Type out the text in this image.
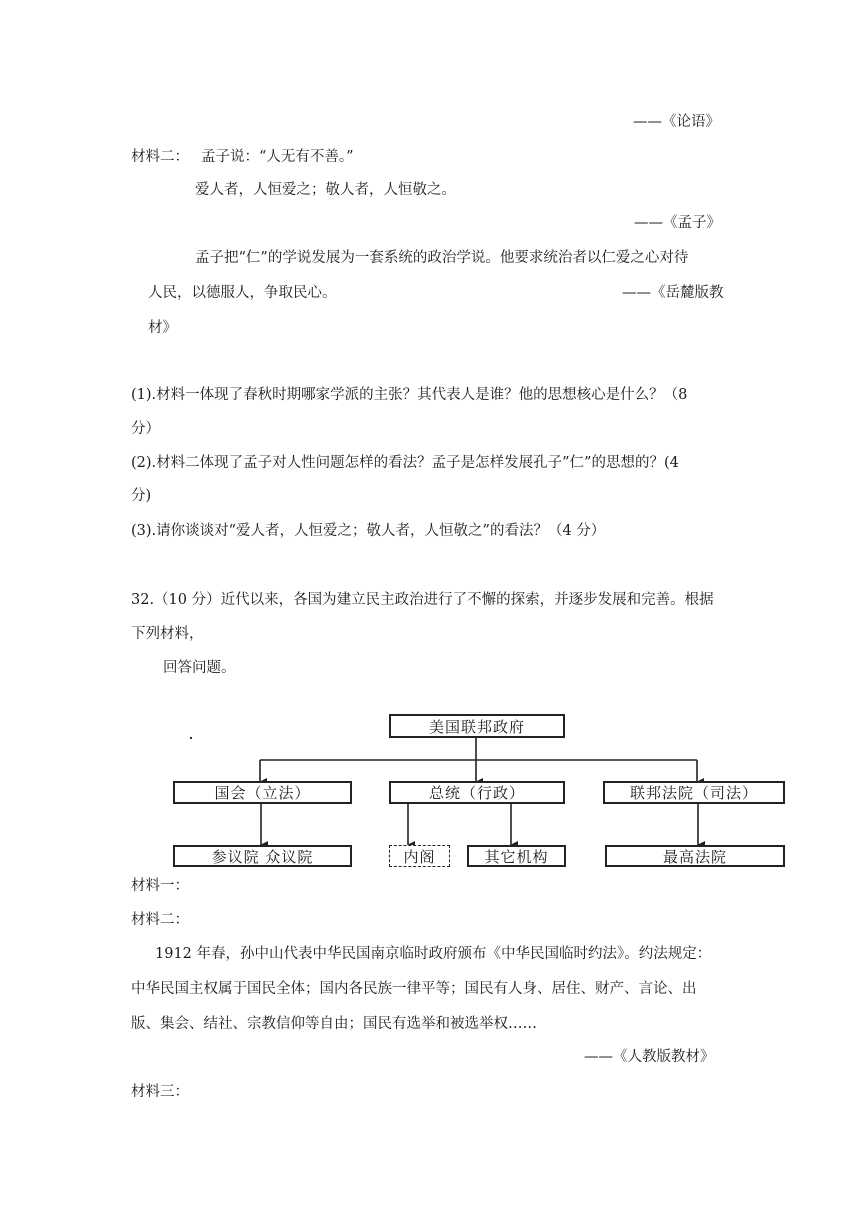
——《论语》
材料二： 孟子说：“人无有不善。”
爱人者，人恒爱之；敬人者，人恒敬之。
——《孟子》
孟子把“仁”的学说发展为一套系统的政治学说。他要求统治者以仁爱之心对待
人民，以德服人，争取民心。	——《岳麓版教
材》
(1).材料一体现了春秋时期哪家学派的主张？其代表人是谁？他的思想核心是什么？（8
分）
(2).材料二体现了孟子对人性问题怎样的看法？孟子是怎样发展孔子”仁”的思想的？(4
分)
(3).请你谈谈对“爱人者，人恒爱之；敬人者，人恒敬之”的看法？（4 分）
32.（10 分）近代以来，各国为建立民主政治进行了不懈的探索，并逐步发展和完善。根据
下列材料，
回答问题。
美国联邦政府
国会（立法）	总统（行政）	联邦法院（司法）
参议院 众议院	内阁	其它机构	最高法院
材料一：
材料二：
1912 年春，孙中山代表中华民国南京临时政府颁布《中华民国临时约法》。约法规定：
中华民国主权属于国民全体；国内各民族一律平等；国民有人身、居住、财产、言论、出
版、集会、结社、宗教信仰等自由；国民有选举和被选举权……
——《人教版教材》
材料三：
